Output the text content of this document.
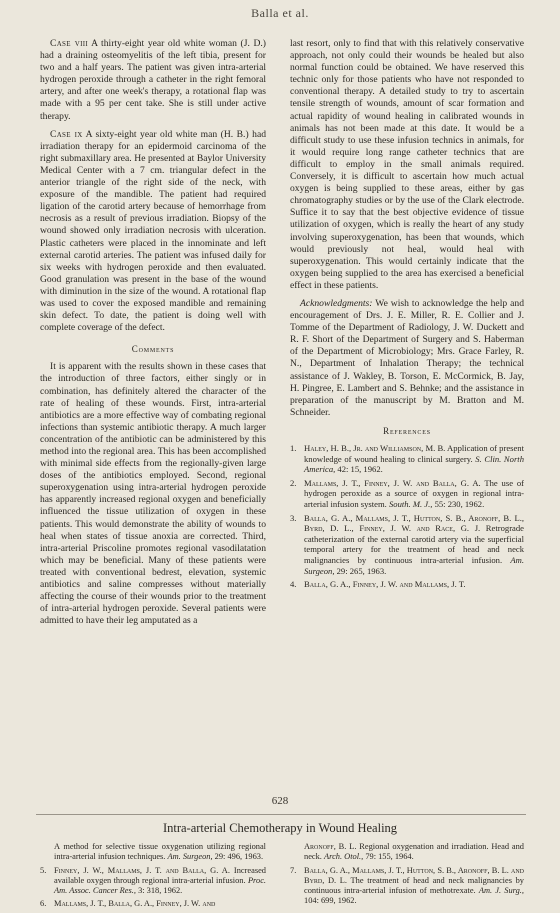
Balla et al.

Case viii A thirty-eight year old white woman (J. D.) had a draining osteomyelitis of the left tibia, present for two and a half years. The patient was given intra-arterial hydrogen peroxide through a catheter in the right femoral artery, and after one week's therapy, a rotational flap was made with a 95 per cent take. She is still under active therapy.

Case ix A sixty-eight year old white man (H. B.) had irradiation therapy for an epidermoid carcinoma of the right submaxillary area. He presented at Baylor University Medical Center with a 7 cm. triangular defect in the anterior triangle of the right side of the neck, with exposure of the mandible. The patient had required ligation of the carotid artery because of hemorrhage from necrosis as a result of previous irradiation. Biopsy of the wound showed only irradiation necrosis with ulceration. Plastic catheters were placed in the innominate and left external carotid arteries. The patient was infused daily for six weeks with hydrogen peroxide and then evaluated. Good granulation was present in the base of the wound with diminution in the size of the wound. A rotational flap was used to cover the exposed mandible and remaining skin defect. To date, the patient is doing well with complete coverage of the defect.

Comments

It is apparent with the results shown in these cases that the introduction of three factors, either singly or in combination, has definitely altered the character of the rate of healing of these wounds. First, intra-arterial antibiotics are a more effective way of combating regional infections than systemic antibiotic therapy. A much larger concentration of the antibiotic can be administered by this method into the regional area. This has been accomplished with minimal side effects from the regionally-given large doses of the antibiotics employed. Second, regional superoxygenation using intra-arterial hydrogen peroxide has apparently increased regional oxygen and beneficially influenced the tissue utilization of oxygen in these patients. This would demonstrate the ability of wounds to heal when states of tissue anoxia are corrected. Third, intra-arterial Priscoline promotes regional vasodilatation which may be beneficial. Many of these patients were treated with conventional bedrest, elevation, systemic antibiotics and saline compresses without materially affecting the course of their wounds prior to the treatment of intra-arterial hydrogen peroxide. Several patients were admitted to have their leg amputated as a

last resort, only to find that with this relatively conservative approach, not only could their wounds be healed but also normal function could be obtained. We have reserved this technic only for those patients who have not responded to conventional therapy. A detailed study to try to ascertain tensile strength of wounds, amount of scar formation and actual rapidity of wound healing in calibrated wounds in animals has not been made at this date. It would be a difficult study to use these infusion technics in animals, for it would require long range catheter technics that are difficult to employ in the small animals required. Conversely, it is difficult to ascertain how much actual oxygen is being supplied to these areas, either by gas chromatography studies or by the use of the Clark electrode. Suffice it to say that the best objective evidence of tissue utilization of oxygen, which is really the heart of any study involving superoxygenation, has been that wounds, which would previously not heal, would heal with superoxygenation. This would certainly indicate that the oxygen being supplied to the area has exercised a beneficial effect in these patients.

Acknowledgments: We wish to acknowledge the help and encouragement of Drs. J. E. Miller, R. E. Collier and J. Tomme of the Department of Radiology, J. W. Duckett and R. F. Short of the Department of Surgery and S. Haberman of the Department of Microbiology; Mrs. Grace Farley, R. N., Department of Inhalation Therapy; the technical assistance of J. Wakley, B. Torson, E. McCormick, B. Jay, H. Pingree, E. Lambert and S. Behnke; and the assistance in preparation of the manuscript by M. Bratton and M. Schneider.

References
1. Haley, H. B., Jr. and Williamson, M. B. Application of present knowledge of wound healing to clinical surgery. S. Clin. North America, 42: 15, 1962.
2. Mallams, J. T., Finney, J. W. and Balla, G. A. The use of hydrogen peroxide as a source of oxygen in regional intra-arterial infusion system. South. M. J., 55: 230, 1962.
3. Balla, G. A., Mallams, J. T., Hutton, S. B., Aronoff, B. L., Byrd, D. L., Finney, J. W. and Race, G. J. Retrograde catheterization of the external carotid artery via the superficial temporal artery for the treatment of head and neck malignancies by continuous intra-arterial infusion. Am. Surgeon, 29: 265, 1963.
4. Balla, G. A., Finney, J. W. and Mallams, J. T.
628
Intra-arterial Chemotherapy in Wound Healing
A method for selective tissue oxygenation utilizing regional intra-arterial infusion techniques. Am. Surgeon, 29: 496, 1963.
5. Finney, J. W., Mallams, J. T. and Balla, G. A. Increased available oxygen through regional intra-arterial infusion. Proc. Am. Assoc. Cancer Res., 3: 318, 1962.
6. Mallams, J. T., Balla, G. A., Finney, J. W. and
Aronoff, B. L. Regional oxygenation and irradiation. Head and neck. Arch. Otol., 79: 155, 1964.
7. Balla, G. A., Mallams, J. T., Hutton, S. B., Aronoff, B. L. and Byrd, D. L. The treatment of head and neck malignancies by continuous intra-arterial infusion of methotrexate. Am. J. Surg., 104: 699, 1962.
